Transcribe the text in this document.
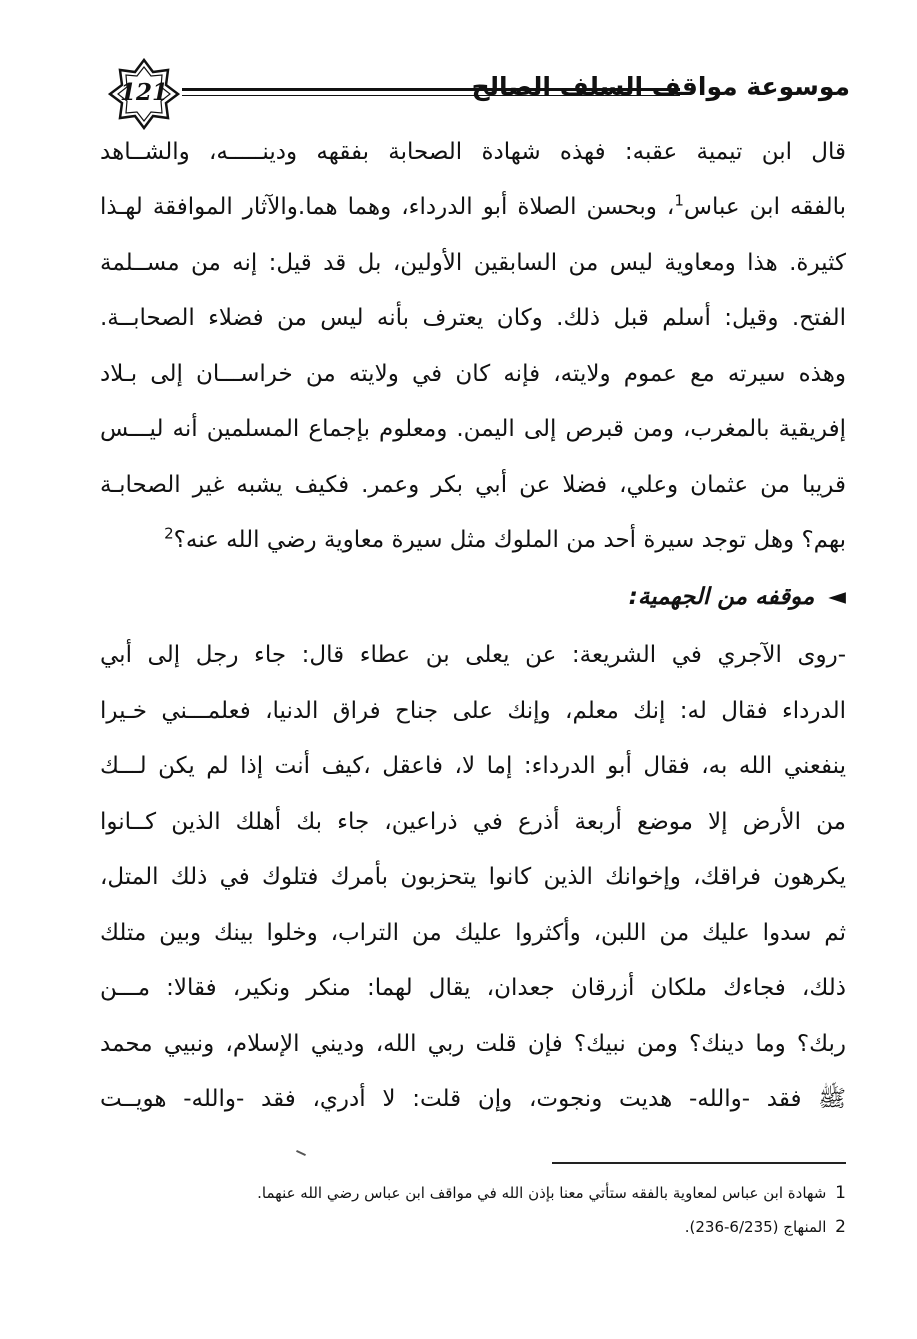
121	موسوعة مواقف السلف الصالح
قال ابن تيمية عقبه: فهذه شهادة الصحابة بفقهه ودينـــــه، والشــاهد
بالفقه ابن عباس$^1$، وبحسن الصلاة أبو الدرداء، وهما هما.والآثار الموافقة لهـذا
كثيرة. هذا ومعاوية ليس من السابقين الأولين، بل قد قيل: إنه من مســلمة
الفتح. وقيل: أسلم قبل ذلك. وكان يعترف بأنه ليس من فضلاء الصحابــة.
وهذه سيرته مع عموم ولايته، فإنه كان في ولايته من خراســـان إلى بـلاد
إفريقية بالمغرب، ومن قبرص إلى اليمن. ومعلوم بإجماع المسلمين أنه ليـــس
قريبا من عثمان وعلي، فضلا عن أبي بكر وعمر. فكيف يشبه غير الصحابـة
بهم؟ وهل توجد سيرة أحد من الملوك مثل سيرة معاوية رضي الله عنه؟$^2$
◄موقفه من الجهمية:
-روى الآجري في الشريعة: عن يعلى بن عطاء قال: جاء رجل إلى أبي
الدرداء فقال له: إنك معلم، وإنك على جناح فراق الدنيا، فعلمـــني خـيرا
ينفعني الله به، فقال أبو الدرداء: إما لا، فاعقل ،كيف أنت إذا لم يكن لـــك
من الأرض إلا موضع أربعة أذرع في ذراعين، جاء بك أهلك الذين كــانوا
يكرهون فراقك، وإخوانك الذين كانوا يتحزبون بأمرك فتلوك في ذلك المتل،
ثم سدوا عليك من اللبن، وأكثروا عليك من التراب، وخلوا بينك وبين متلك
ذلك، فجاءك ملكان أزرقان جعدان، يقال لهما: منكر ونكير، فقالا: مـــن
ربك؟ وما دينك؟ ومن نبيك؟ فإن قلت ربي الله، وديني الإسلام، ونبيي محمد
ﷺ فقد -والله- هديت ونجوت، وإن قلت: لا أدري، فقد -والله- هويــت
1 شهادة ابن عباس لمعاوية بالفقه ستأتي معنا بإذن الله في مواقف ابن عباس رضي الله عنهما.
2 المنهاج (6/235-236).
